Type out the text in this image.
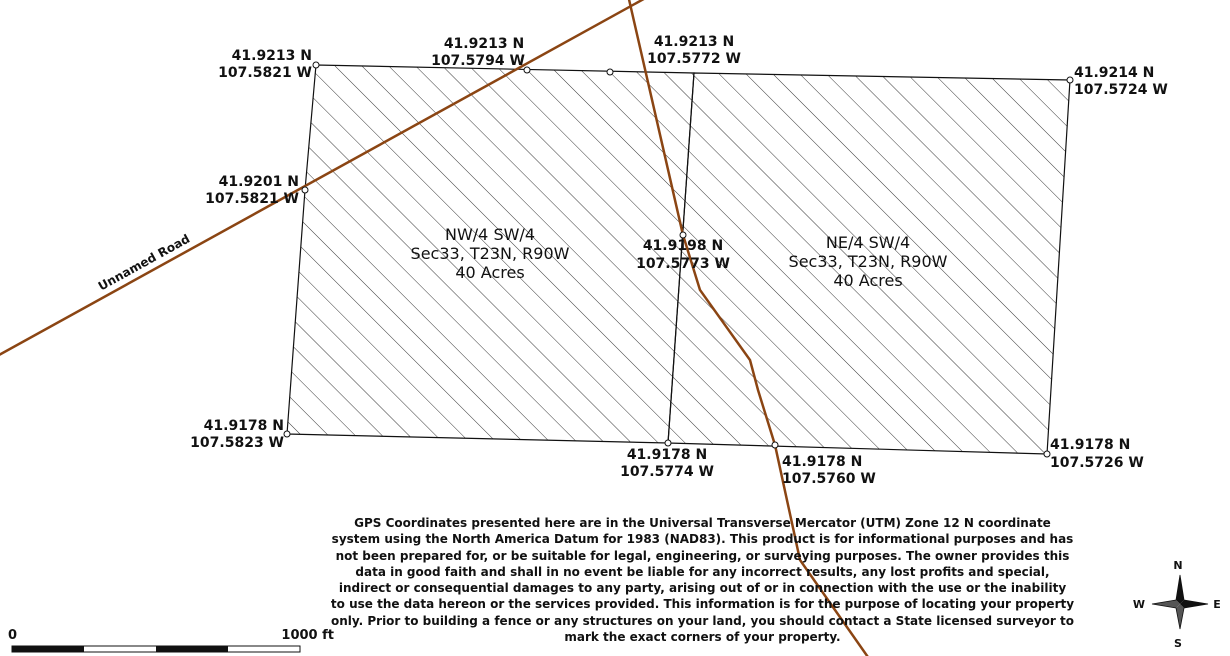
41.9213 N
107.5821 W
41.9213 N
107.5794 W
41.9213 N
107.5772 W
41.9214 N
107.5724 W
41.9201 N
107.5821 W
41.9198 N
107.5773 W
41.9178 N
107.5823 W
41.9178 N
107.5774 W
41.9178 N
107.5760 W
41.9178 N
107.5726 W
NW/4 SW/4
Sec33, T23N, R90W
40 Acres
NE/4 SW/4
Sec33, T23N, R90W
40 Acres
Unnamed Road
0	1000 ft
N
S
W	E

GPS Coordinates presented here are in the Universal Transverse Mercator (UTM) Zone 12 N coordinate system using the North America Datum for 1983 (NAD83). This product is for informational purposes and has not been prepared for, or be suitable for legal, engineering, or surveying purposes. The owner provides this data in good faith and shall in no event be liable for any incorrect results, any lost profits and special, indirect or consequential damages to any party, arising out of or in connection with the use or the inability to use the data hereon or the services provided. This information is for the purpose of locating your property only. Prior to building a fence or any structures on your land, you should contact a State licensed surveyor to mark the exact corners of your property.
